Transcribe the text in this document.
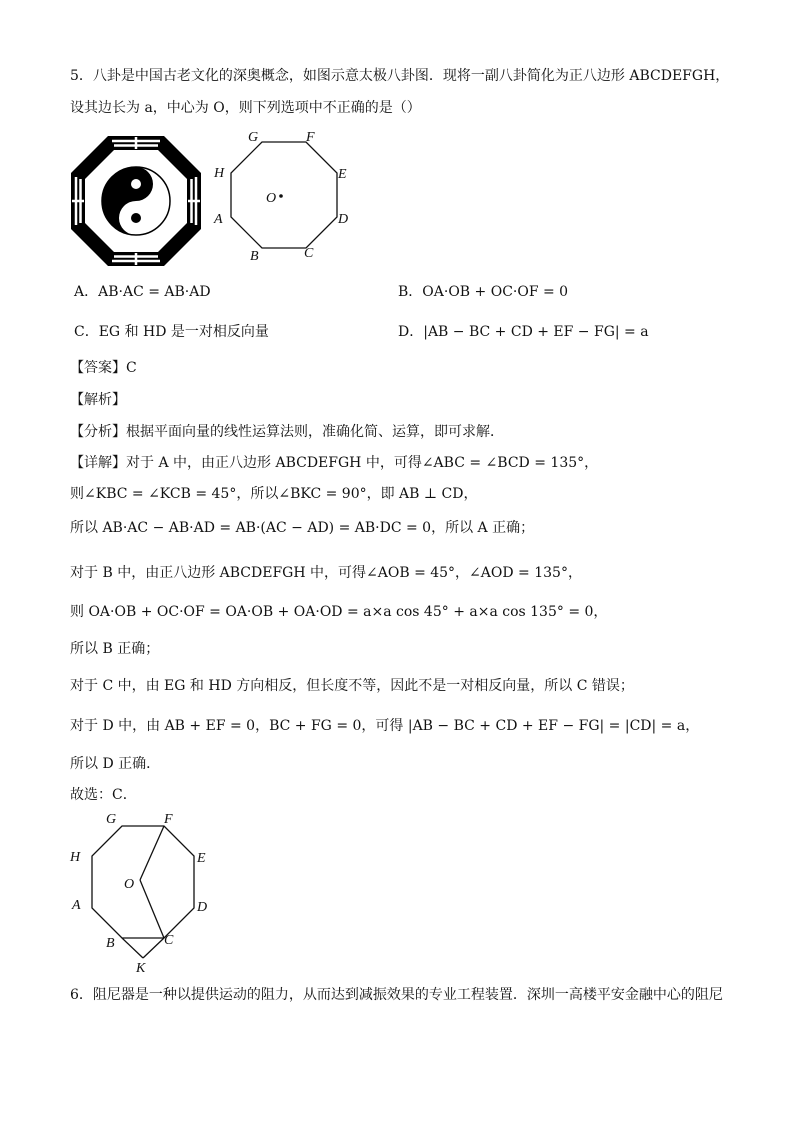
5．八卦是中国古老文化的深奥概念，如图示意太极八卦图．现将一副八卦简化为正八边形 ABCDEFGH，
设其边长为 a，中心为 O，则下列选项中不正确的是（）
G	F
H	E
A	D
B	C
O
A．AB·AC = AB·AD	B．OA·OB + OC·OF = 0
C．EG 和 HD 是一对相反向量	D．|AB − BC + CD + EF − FG| = a
【答案】C
【解析】
【分析】根据平面向量的线性运算法则，准确化简、运算，即可求解．
【详解】对于 A 中，由正八边形 ABCDEFGH 中，可得∠ABC = ∠BCD = 135°，
则∠KBC = ∠KCB = 45°，所以∠BKC = 90°，即 AB ⊥ CD，
所以 AB·AC − AB·AD = AB·(AC − AD) = AB·DC = 0，所以 A 正确；
对于 B 中，由正八边形 ABCDEFGH 中，可得∠AOB = 45°，∠AOD = 135°，
则 OA·OB + OC·OF = OA·OB + OA·OD = a×a cos 45° + a×a cos 135° = 0，
所以 B 正确；
对于 C 中，由 EG 和 HD 方向相反，但长度不等，因此不是一对相反向量，所以 C 错误；
对于 D 中，由 AB + EF = 0，BC + FG = 0，可得 |AB − BC + CD + EF − FG| = |CD| = a，
所以 D 正确．
故选：C．
G	F
H	E
A	D
B	C
O
K
6．阻尼器是一种以提供运动的阻力，从而达到减振效果的专业工程装置．深圳一高楼平安金融中心的阻尼
